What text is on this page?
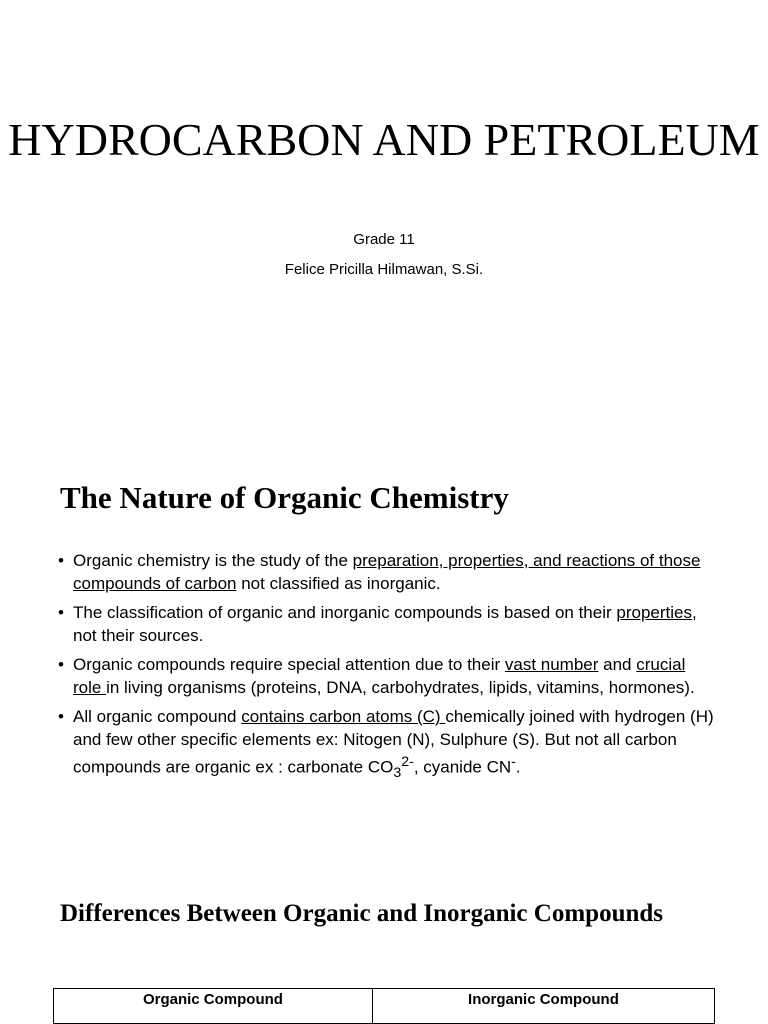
HYDROCARBON AND PETROLEUM

Grade 11

Felice Pricilla Hilmawan, S.Si.

The Nature of Organic Chemistry
• Organic chemistry is the study of the preparation, properties, and reactions of those compounds of carbon not classified as inorganic.
• The classification of organic and inorganic compounds is based on their properties, not their sources.
• Organic compounds require special attention due to their vast number and crucial role in living organisms (proteins, DNA, carbohydrates, lipids, vitamins, hormones).
• All organic compound contains carbon atoms (C) chemically joined with hydrogen (H) and few other specific elements ex: Nitogen (N), Sulphure (S). But not all carbon compounds are organic ex : carbonate $CO_3^{2-}$, cyanide CN-.
Differences Between Organic and Inorganic Compounds
Organic Compound	Inorganic Compound
